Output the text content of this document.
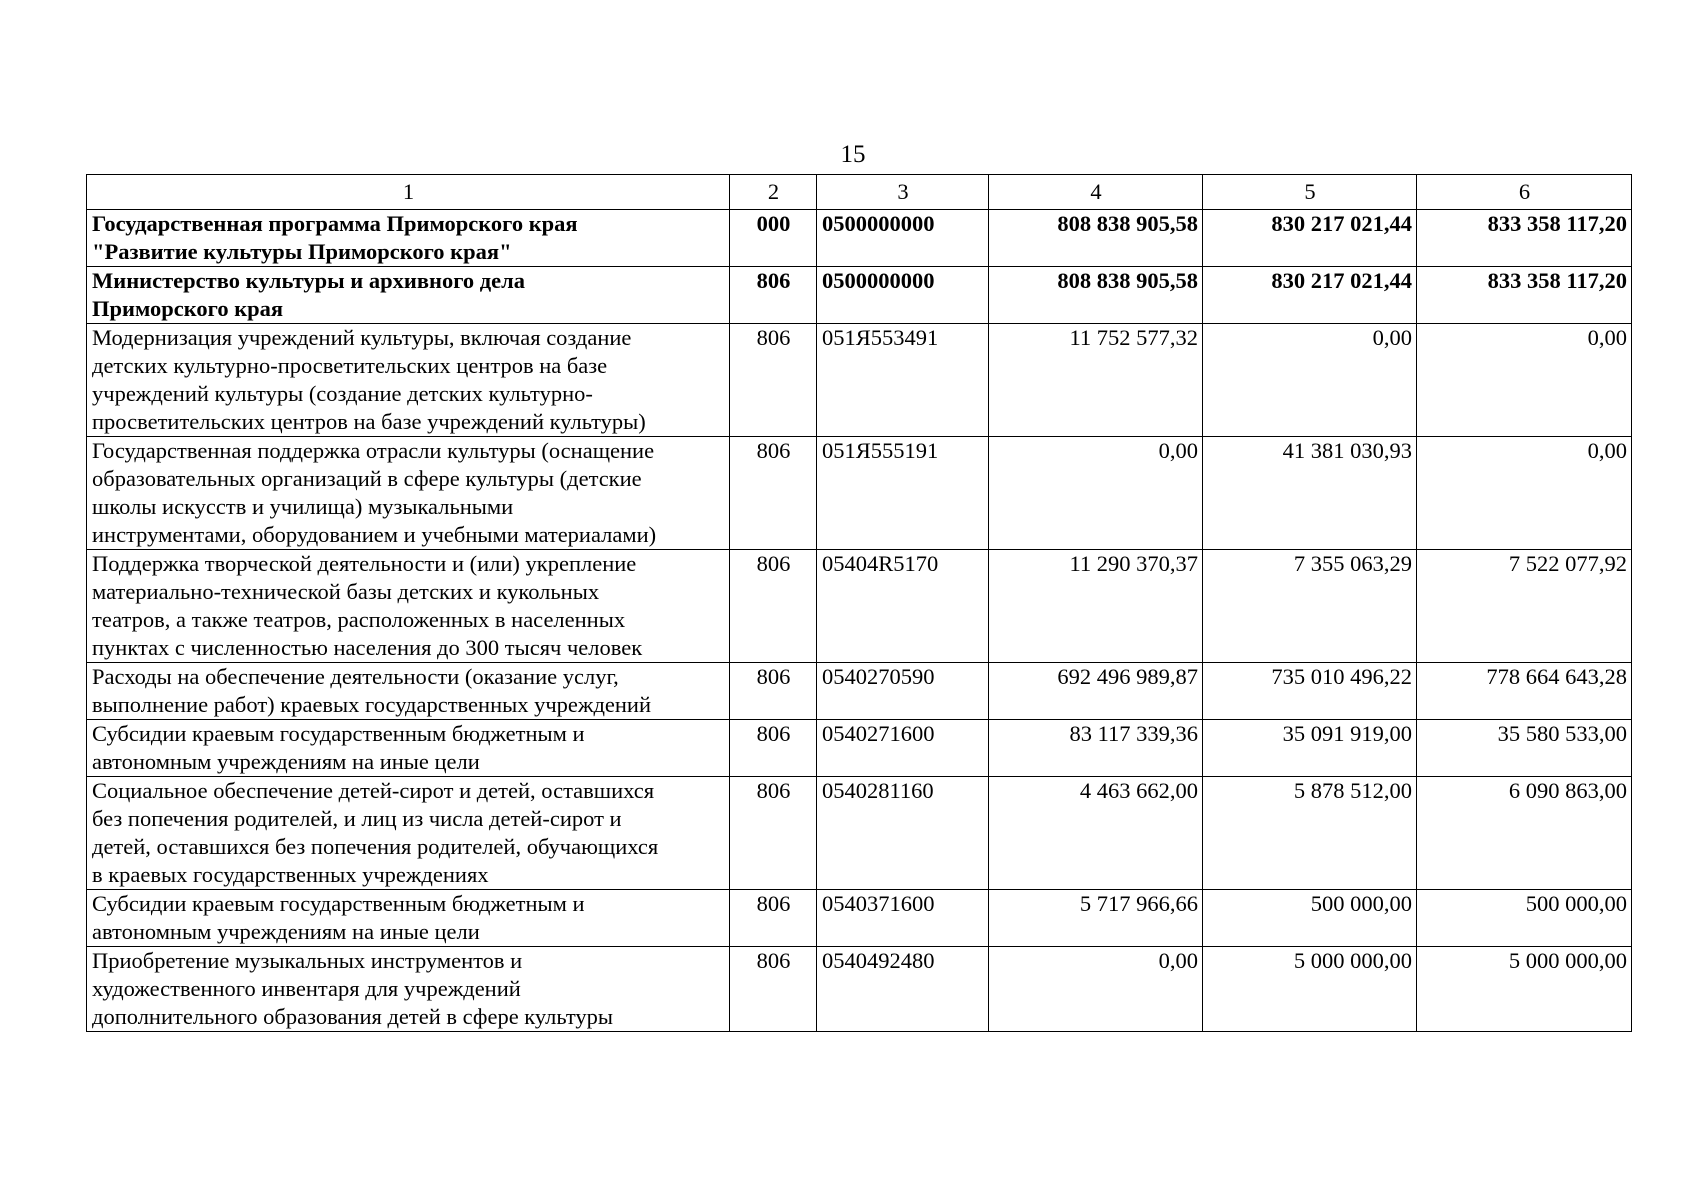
15
1	2	3	4	5	6

Государственная программа Приморского края
"Развитие культуры Приморского края"	000	0500000000	808 838 905,58	830 217 021,44	833 358 117,20

Министерство культуры и архивного дела
Приморского края	806	0500000000	808 838 905,58	830 217 021,44	833 358 117,20

Модернизация учреждений культуры, включая создание
детских культурно-просветительских центров на базе
учреждений культуры (создание детских культурно-
просветительских центров на базе учреждений культуры)	806	051Я553491	11 752 577,32	0,00	0,00

Государственная поддержка отрасли культуры (оснащение
образовательных организаций в сфере культуры (детские
школы искусств и училища) музыкальными
инструментами, оборудованием и учебными материалами)	806	051Я555191	0,00	41 381 030,93	0,00

Поддержка творческой деятельности и (или) укрепление
материально-технической базы детских и кукольных
театров, а также театров, расположенных в населенных
пунктах с численностью населения до 300 тысяч человек	806	05404R5170	11 290 370,37	7 355 063,29	7 522 077,92

Расходы на обеспечение деятельности (оказание услуг,
выполнение работ) краевых государственных учреждений	806	0540270590	692 496 989,87	735 010 496,22	778 664 643,28

Субсидии краевым государственным бюджетным и
автономным учреждениям на иные цели	806	0540271600	83 117 339,36	35 091 919,00	35 580 533,00

Социальное обеспечение детей-сирот и детей, оставшихся
без попечения родителей, и лиц из числа детей-сирот и
детей, оставшихся без попечения родителей, обучающихся
в краевых государственных учреждениях	806	0540281160	4 463 662,00	5 878 512,00	6 090 863,00

Субсидии краевым государственным бюджетным и
автономным учреждениям на иные цели	806	0540371600	5 717 966,66	500 000,00	500 000,00

Приобретение музыкальных инструментов и
художественного инвентаря для учреждений
дополнительного образования детей в сфере культуры	806	0540492480	0,00	5 000 000,00	5 000 000,00
